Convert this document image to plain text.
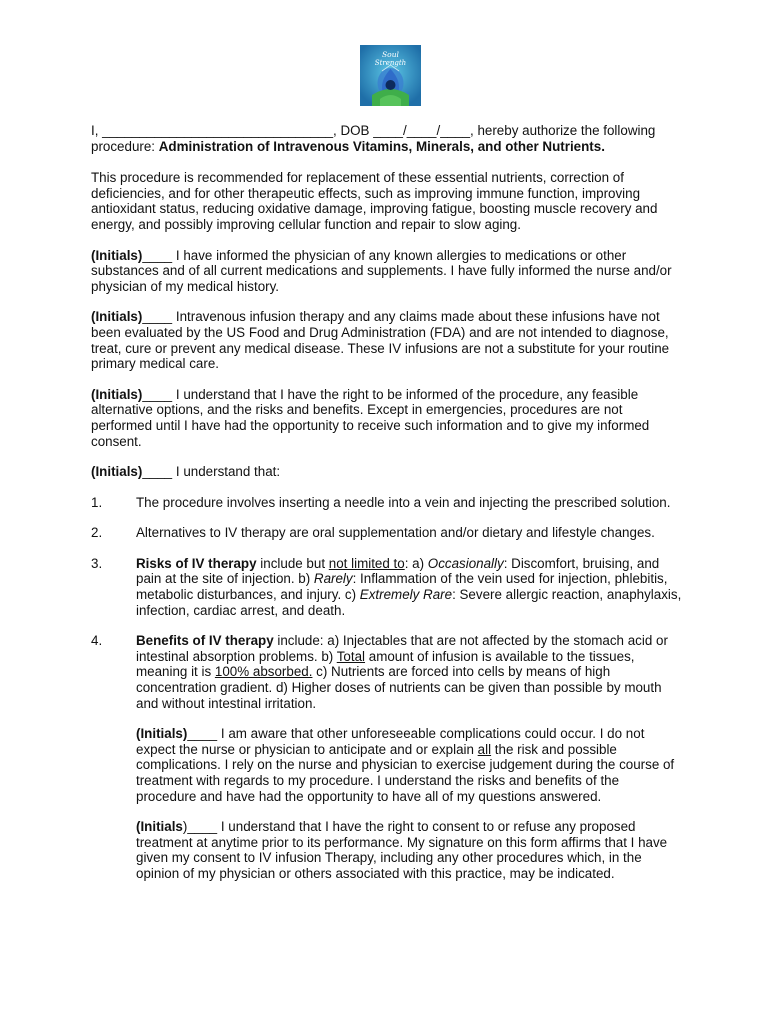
Soul
Strength

I, _______________________________, DOB ____/____/____, hereby authorize the following procedure: Administration of Intravenous Vitamins, Minerals, and other Nutrients.

This procedure is recommended for replacement of these essential nutrients, correction of deficiencies, and for other therapeutic effects, such as improving immune function, improving antioxidant status, reducing oxidative damage, improving fatigue, boosting muscle recovery and energy, and possibly improving cellular function and repair to slow aging.

(Initials)____ I have informed the physician of any known allergies to medications or other substances and of all current medications and supplements. I have fully informed the nurse and/or physician of my medical history.

(Initials)____ Intravenous infusion therapy and any claims made about these infusions have not been evaluated by the US Food and Drug Administration (FDA) and are not intended to diagnose, treat, cure or prevent any medical disease. These IV infusions are not a substitute for your routine primary medical care.

(Initials)____ I understand that I have the right to be informed of the procedure, any feasible alternative options, and the risks and benefits. Except in emergencies, procedures are not performed until I have had the opportunity to receive such information and to give my informed consent.

(Initials)____ I understand that:

1.	The procedure involves inserting a needle into a vein and injecting the prescribed solution.
2.	Alternatives to IV therapy are oral supplementation and/or dietary and lifestyle changes.
3.	Risks of IV therapy include but not limited to: a) Occasionally: Discomfort, bruising, and pain at the site of injection. b) Rarely: Inflammation of the vein used for injection, phlebitis, metabolic disturbances, and injury. c) Extremely Rare: Severe allergic reaction, anaphylaxis, infection, cardiac arrest, and death.
4.	Benefits of IV therapy include: a) Injectables that are not affected by the stomach acid or intestinal absorption problems. b) Total amount of infusion is available to the tissues, meaning it is 100% absorbed. c) Nutrients are forced into cells by means of high concentration gradient. d) Higher doses of nutrients can be given than possible by mouth and without intestinal irritation.

(Initials)____ I am aware that other unforeseeable complications could occur. I do not expect the nurse or physician to anticipate and or explain all the risk and possible complications. I rely on the nurse and physician to exercise judgement during the course of treatment with regards to my procedure. I understand the risks and benefits of the procedure and have had the opportunity to have all of my questions answered.

(Initials)____ I understand that I have the right to consent to or refuse any proposed treatment at anytime prior to its performance. My signature on this form affirms that I have given my consent to IV infusion Therapy, including any other procedures which, in the opinion of my physician or others associated with this practice, may be indicated.
